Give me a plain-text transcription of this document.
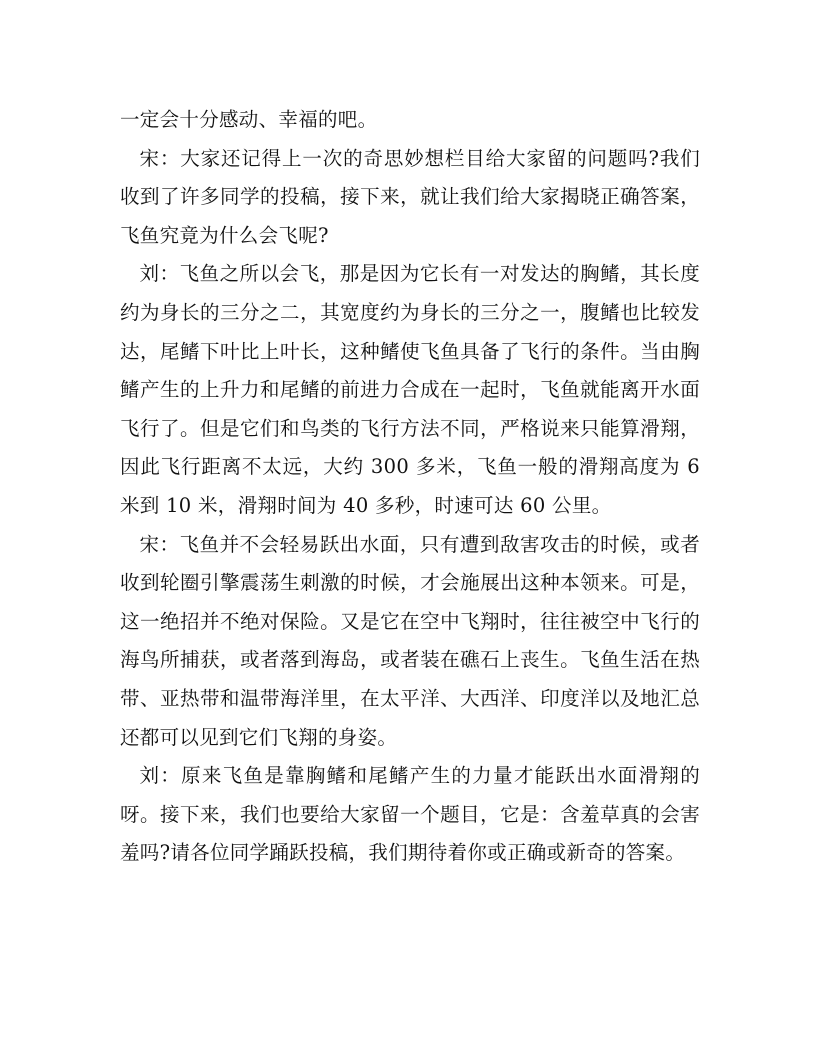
一定会十分感动、幸福的吧。

宋：大家还记得上一次的奇思妙想栏目给大家留的问题吗?我们收到了许多同学的投稿，接下来，就让我们给大家揭晓正确答案，飞鱼究竟为什么会飞呢?

刘：飞鱼之所以会飞，那是因为它长有一对发达的胸鳍，其长度约为身长的三分之二，其宽度约为身长的三分之一，腹鳍也比较发达，尾鳍下叶比上叶长，这种鳍使飞鱼具备了飞行的条件。当由胸鳍产生的上升力和尾鳍的前进力合成在一起时，飞鱼就能离开水面飞行了。但是它们和鸟类的飞行方法不同，严格说来只能算滑翔，因此飞行距离不太远，大约 300 多米，飞鱼一般的滑翔高度为 6 米到 10 米，滑翔时间为 40 多秒，时速可达 60 公里。

宋：飞鱼并不会轻易跃出水面，只有遭到敌害攻击的时候，或者收到轮圈引擎震荡生刺激的时候，才会施展出这种本领来。可是，这一绝招并不绝对保险。又是它在空中飞翔时，往往被空中飞行的海鸟所捕获，或者落到海岛，或者装在礁石上丧生。飞鱼生活在热带、亚热带和温带海洋里，在太平洋、大西洋、印度洋以及地汇总还都可以见到它们飞翔的身姿。

刘：原来飞鱼是靠胸鳍和尾鳍产生的力量才能跃出水面滑翔的呀。接下来，我们也要给大家留一个题目，它是：含羞草真的会害羞吗?请各位同学踊跃投稿，我们期待着你或正确或新奇的答案。
